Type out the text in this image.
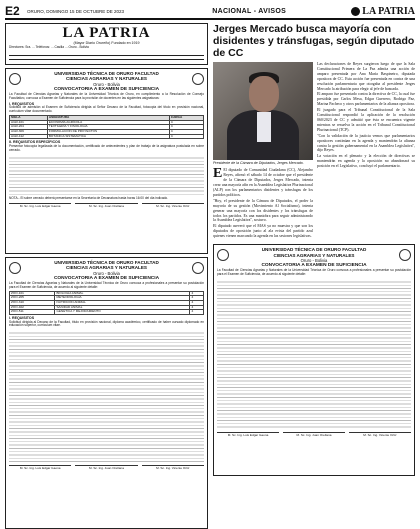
E2	ORURO, DOMINGO 15 DE OCTUBRE DE 2023	NACIONAL - AVISOS	LA PATRIA
LA PATRIA
(Mayor Diario Orureño) Fundado en 1919
Directores: Sra. ... Teléfonos: ... Casilla ... Oruro - Bolivia
UNIVERSIDAD TÉCNICA DE ORURO FACULTAD
CIENCIAS AGRARIAS Y NATURALES
Oruro - Bolivia
CONVOCATORIA A EXAMEN DE SUFICIENCIA

La Facultad de Ciencias Agrarias y Naturales de la Universidad Técnica de Oruro, en cumplimiento a la Resolución de Consejo Facultativo, convoca a Examen de Suficiencia para la provisión de docentes en las siguientes asignaturas:

I. REQUISITOS

Solicitud de admisión al Examen de Suficiencia dirigida al Señor Decano de la Facultad, fotocopia del título en provisión nacional, curriculum vitae documentado.

SIGLA	ASIGNATURA	CARGA
AGR-101	ECONOMÍA AGRÍCOLA	4
AGR-204	TEXTILERÍA Y FISIOLOGÍA	4
AGR-309	FORMULACIÓN DE PROYECTOS	4
AGR-412	BOTÁNICA SISTEMÁTICA	4
II. REQUISITOS ESPECÍFICOS

Presentar fotocopia legalizada de la documentación, certificado de antecedentes y plan de trabajo de la asignatura postulada en sobre cerrado.

NOTA.- El sobre cerrado deberá presentarse en la Secretaría de Decanatura hasta horas 16:00 del día indicado.

M. Sc. Ing. Luis Edgar Gaona	M. Sc. Ing. Juan Orellana	M. Sc. Ing. Vicente Ortiz
UNIVERSIDAD TÉCNICA DE ORURO FACULTAD
CIENCIAS AGRARIAS Y NATURALES
Oruro - Bolivia
CONVOCATORIA A EXAMEN DE SUFICIENCIA

La Facultad de Ciencias Agrarias y Naturales de la Universidad Técnica de Oruro convoca a profesionales a presentar su postulación para el Examen de Suficiencia, de acuerdo al siguiente detalle:

ZOO-101	BIOLOGÍA ANIMAL	4
ZOO-205	METEOROLOGÍA	4
ZOO-310	NUTRICIÓN ANIMAL	4
ZOO-402	SANIDAD ANIMAL	4
ZOO-511	GENÉTICA Y MEJORAMIENTO	4
I. REQUISITOS

Solicitud dirigida al Decano de la Facultad, título en provisión nacional, diploma académico, certificado de haber cursado diplomado en educación superior, curriculum vitae.

M. Sc. Ing. Luis Edgar Gaona	M. Sc. Ing. Juan Orellana	M. Sc. Ing. Vicente Ortiz
Jerges Mercado busca mayoría con disidentes y tránsfugas, según diputado de CC
Presidente de la Cámara de Diputados, Jerges Mercado.
E El diputado de Comunidad Ciudadana (CC), Alejandro Reyes, afirmó el sábado 14 de octubre que el presidente de la Cámara de Diputados, Jerges Mercado, intenta crear una mayoría afín en la Asamblea Legislativa Plurinacional (ALP) con los parlamentarios disidentes y tránsfugas de los partidos políticos.

"Hoy, el presidente de la Cámara de Diputados, el poder la mayoría de su gestión (Movimiento Al Socialismo), intenta generar una mayoría con los disidentes y los tránsfugas de todos los partidos. Es una maniobra para seguir administrando la Asamblea Legislativa", sostuvo.

El diputado aseveró que el MAS ya no muestra y que son los diputados de oposición junto al ala evista del partido azul quienes vienen marcando la agenda en las sesiones legislativas.

Las declaraciones de Reyes surgieron luego de que la Sala Constitucional Primera de La Paz admita una acción de amparo presentada por Ana María Baspineiro, diputada opositora de CC. Esta acción fue presentada en contra de una resolución parlamentaria que otorgaba al presidente Jerges Mercado la atribución para elegir al jefe de bancada.

El amparo fue presentado contra la directiva de CC, la cual fue presidida por Carlos Mesa, Edgar Guerrero, Rodrigo Paz, Marina Pacheco y otros parlamentarios de la alianza opositora.

El juzgado para el Tribunal Constitucional de la Sala Constitucional respondió la aplicación de la resolución 060/2023 de CC y admitió que ésta se encuentra vigente mientras se resuelva la acción en el Tribunal Constitucional Plurinacional (TCP).

"Con la validación de la justicia vemos que parlamentarios opositores continúan en la agenda y mantendrán la alianza contra la gestión gubernamental en la Asamblea Legislativa", dijo Reyes.

La votación en el plenario y la elección de directivas se mantendrán en agenda y la oposición no abandonará su posición en el Legislativo, concluyó el parlamentario.

UNIVERSIDAD TÉCNICA DE ORURO FACULTAD
CIENCIAS AGRARIAS Y NATURALES
Oruro - Bolivia
CONVOCATORIA A EXAMEN DE SUFICIENCIA

La Facultad de Ciencias Agrarias y Naturales de la Universidad Técnica de Oruro convoca a profesionales a presentar su postulación para el Examen de Suficiencia, de acuerdo al siguiente detalle:

M. Sc. Ing. Luis Edgar Gaona	M. Sc. Ing. Juan Orellana	M. Sc. Ing. Vicente Ortiz
